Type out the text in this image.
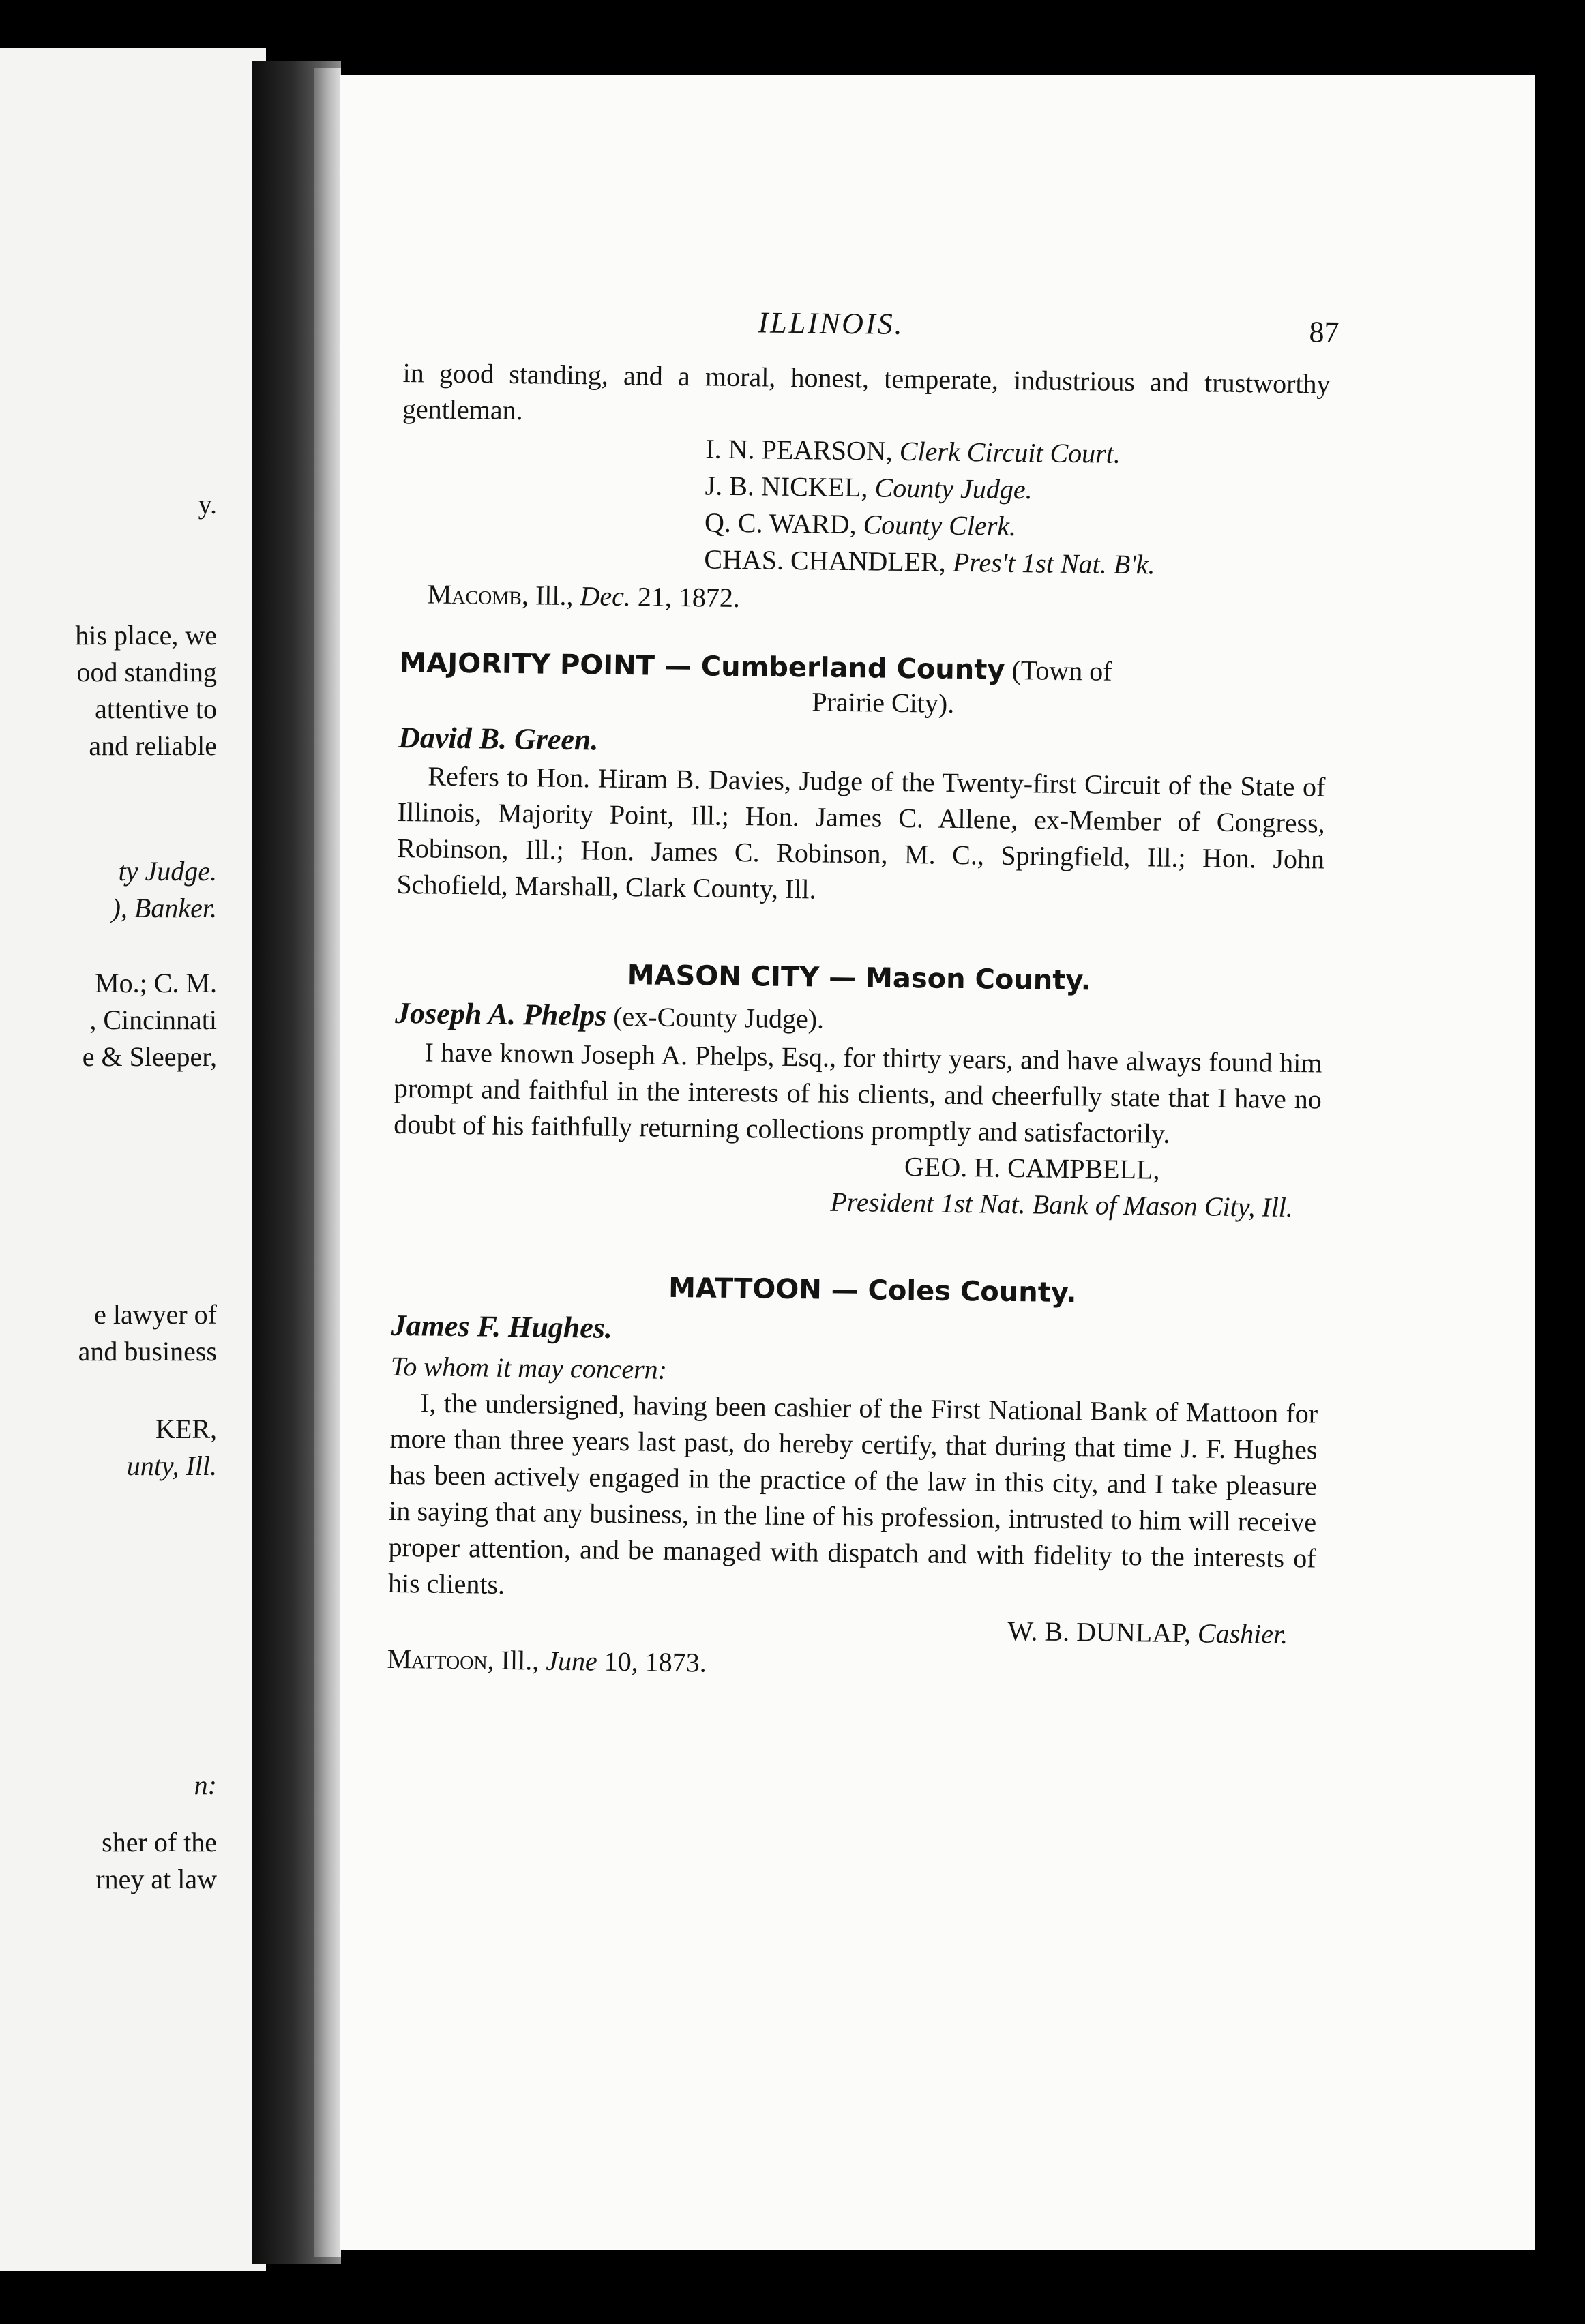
y.
his place, we
ood standing
attentive to
and reliable
ty Judge.
), Banker.
Mo.; C. M.
, Cincinnati
e & Sleeper,
e lawyer of
and business
KER,
unty, Ill.
n:
sher of the
rney at law
ILLINOIS.	87

in good standing, and a moral, honest, temperate, industrious and trustworthy gentleman.

I. N. PEARSON, Clerk Circuit Court.
J. B. NICKEL, County Judge.
Q. C. WARD, County Clerk.
CHAS. CHANDLER, Pres't 1st Nat. B'k.

Macomb, Ill., Dec. 21, 1872.

MAJORITY POINT — Cumberland County (Town of
Prairie City).

David B. Green.

Refers to Hon. Hiram B. Davies, Judge of the Twenty-first Circuit of the State of Illinois, Majority Point, Ill.; Hon. James C. Allene, ex-Member of Congress, Robinson, Ill.; Hon. James C. Robinson, M. C., Springfield, Ill.; Hon. John Schofield, Marshall, Clark County, Ill.

MASON CITY — Mason County.

Joseph A. Phelps (ex-County Judge).

I have known Joseph A. Phelps, Esq., for thirty years, and have always found him prompt and faithful in the interests of his clients, and cheerfully state that I have no doubt of his faithfully returning collections promptly and satisfactorily.

GEO. H. CAMPBELL,

President 1st Nat. Bank of Mason City, Ill.

MATTOON — Coles County.

James F. Hughes.

To whom it may concern:

I, the undersigned, having been cashier of the First National Bank of Mattoon for more than three years last past, do hereby certify, that during that time J. F. Hughes has been actively engaged in the practice of the law in this city, and I take pleasure in saying that any business, in the line of his profession, intrusted to him will receive proper attention, and be managed with dispatch and with fidelity to the interests of his clients.

W. B. DUNLAP, Cashier.
Mattoon, Ill., June 10, 1873.
